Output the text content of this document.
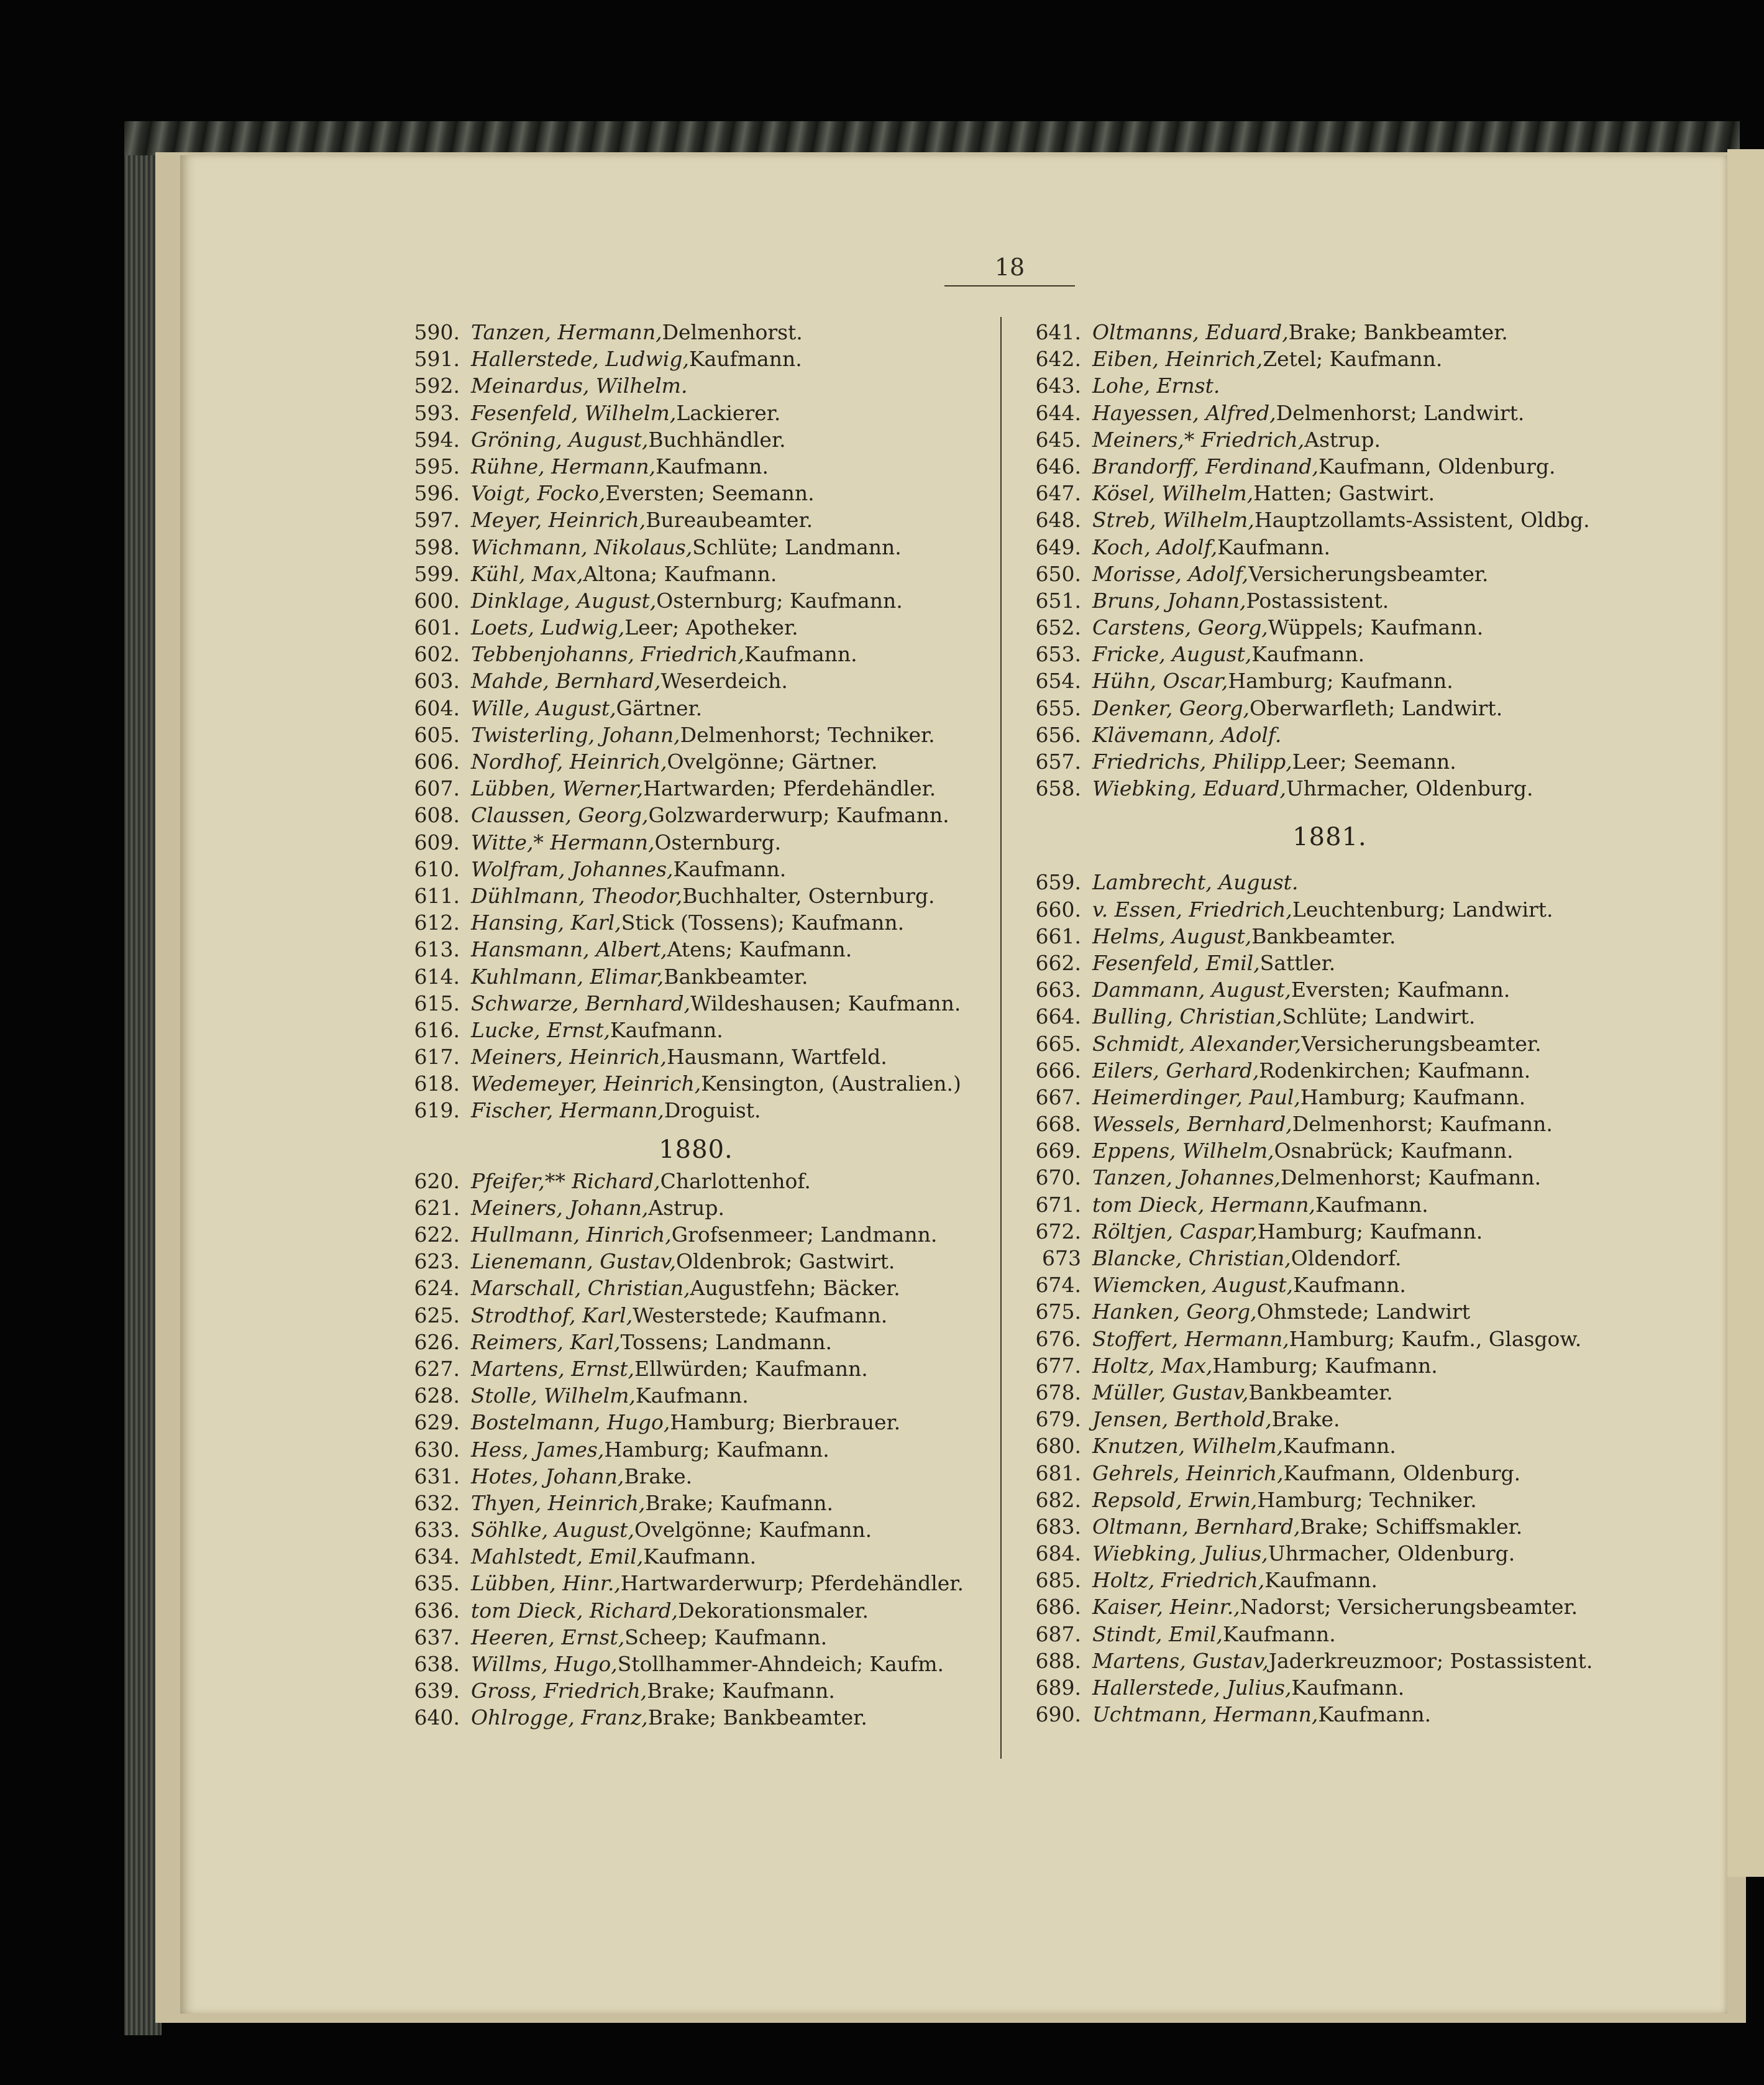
18
590. Tanzen, Hermann, Delmenhorst.
591. Hallerstede, Ludwig, Kaufmann.
592. Meinardus, Wilhelm.
593. Fesenfeld, Wilhelm, Lackierer.
594. Gröning, August, Buchhändler.
595. Rühne, Hermann, Kaufmann.
596. Voigt, Focko, Eversten; Seemann.
597. Meyer, Heinrich, Bureaubeamter.
598. Wichmann, Nikolaus, Schlüte; Landmann.
599. Kühl, Max, Altona; Kaufmann.
600. Dinklage, August, Osternburg; Kaufmann.
601. Loets, Ludwig, Leer; Apotheker.
602. Tebbenjohanns, Friedrich, Kaufmann.
603. Mahde, Bernhard, Weserdeich.
604. Wille, August, Gärtner.
605. Twisterling, Johann, Delmenhorst; Techniker.
606. Nordhof, Heinrich, Ovelgönne; Gärtner.
607. Lübben, Werner, Hartwarden; Pferdehändler.
608. Claussen, Georg, Golzwarderwurp; Kaufmann.
609. Witte,* Hermann, Osternburg.
610. Wolfram, Johannes, Kaufmann.
611. Dühlmann, Theodor, Buchhalter, Osternburg.
612. Hansing, Karl, Stick (Tossens); Kaufmann.
613. Hansmann, Albert, Atens; Kaufmann.
614. Kuhlmann, Elimar, Bankbeamter.
615. Schwarze, Bernhard, Wildeshausen; Kaufmann.
616. Lucke, Ernst, Kaufmann.
617. Meiners, Heinrich, Hausmann, Wartfeld.
618. Wedemeyer, Heinrich, Kensington, (Australien.)
619. Fischer, Hermann, Droguist.
1880.
620. Pfeifer,** Richard, Charlottenhof.
621. Meiners, Johann, Astrup.
622. Hullmann, Hinrich, Grofsenmeer; Landmann.
623. Lienemann, Gustav, Oldenbrok; Gastwirt.
624. Marschall, Christian, Augustfehn; Bäcker.
625. Strodthof, Karl, Westerstede; Kaufmann.
626. Reimers, Karl, Tossens; Landmann.
627. Martens, Ernst, Ellwürden; Kaufmann.
628. Stolle, Wilhelm, Kaufmann.
629. Bostelmann, Hugo, Hamburg; Bierbrauer.
630. Hess, James, Hamburg; Kaufmann.
631. Hotes, Johann, Brake.
632. Thyen, Heinrich, Brake; Kaufmann.
633. Söhlke, August, Ovelgönne; Kaufmann.
634. Mahlstedt, Emil, Kaufmann.
635. Lübben, Hinr., Hartwarderwurp; Pferdehändler.
636. tom Dieck, Richard, Dekorationsmaler.
637. Heeren, Ernst, Scheep; Kaufmann.
638. Willms, Hugo, Stollhammer-Ahndeich; Kaufm.
639. Gross, Friedrich, Brake; Kaufmann.
640. Ohlrogge, Franz, Brake; Bankbeamter.
641. Oltmanns, Eduard, Brake; Bankbeamter.
642. Eiben, Heinrich, Zetel; Kaufmann.
643. Lohe, Ernst.
644. Hayessen, Alfred, Delmenhorst; Landwirt.
645. Meiners,* Friedrich, Astrup.
646. Brandorff, Ferdinand, Kaufmann, Oldenburg.
647. Kösel, Wilhelm, Hatten; Gastwirt.
648. Streb, Wilhelm, Hauptzollamts-Assistent, Oldbg.
649. Koch, Adolf, Kaufmann.
650. Morisse, Adolf, Versicherungsbeamter.
651. Bruns, Johann, Postassistent.
652. Carstens, Georg, Wüppels; Kaufmann.
653. Fricke, August, Kaufmann.
654. Hühn, Oscar, Hamburg; Kaufmann.
655. Denker, Georg, Oberwarfleth; Landwirt.
656. Klävemann, Adolf.
657. Friedrichs, Philipp, Leer; Seemann.
658. Wiebking, Eduard, Uhrmacher, Oldenburg.
1881.
659. Lambrecht, August.
660. v. Essen, Friedrich, Leuchtenburg; Landwirt.
661. Helms, August, Bankbeamter.
662. Fesenfeld, Emil, Sattler.
663. Dammann, August, Eversten; Kaufmann.
664. Bulling, Christian, Schlüte; Landwirt.
665. Schmidt, Alexander, Versicherungsbeamter.
666. Eilers, Gerhard, Rodenkirchen; Kaufmann.
667. Heimerdinger, Paul, Hamburg; Kaufmann.
668. Wessels, Bernhard, Delmenhorst; Kaufmann.
669. Eppens, Wilhelm, Osnabrück; Kaufmann.
670. Tanzen, Johannes, Delmenhorst; Kaufmann.
671. tom Dieck, Hermann, Kaufmann.
672. Röltjen, Caspar, Hamburg; Kaufmann.
673 Blancke, Christian, Oldendorf.
674. Wiemcken, August, Kaufmann.
675. Hanken, Georg, Ohmstede; Landwirt
676. Stoffert, Hermann, Hamburg; Kaufm., Glasgow.
677. Holtz, Max, Hamburg; Kaufmann.
678. Müller, Gustav, Bankbeamter.
679. Jensen, Berthold, Brake.
680. Knutzen, Wilhelm, Kaufmann.
681. Gehrels, Heinrich, Kaufmann, Oldenburg.
682. Repsold, Erwin, Hamburg; Techniker.
683. Oltmann, Bernhard, Brake; Schiffsmakler.
684. Wiebking, Julius, Uhrmacher, Oldenburg.
685. Holtz, Friedrich, Kaufmann.
686. Kaiser, Heinr., Nadorst; Versicherungsbeamter.
687. Stindt, Emil, Kaufmann.
688. Martens, Gustav, Jaderkreuzmoor; Postassistent.
689. Hallerstede, Julius, Kaufmann.
690. Uchtmann, Hermann, Kaufmann.
